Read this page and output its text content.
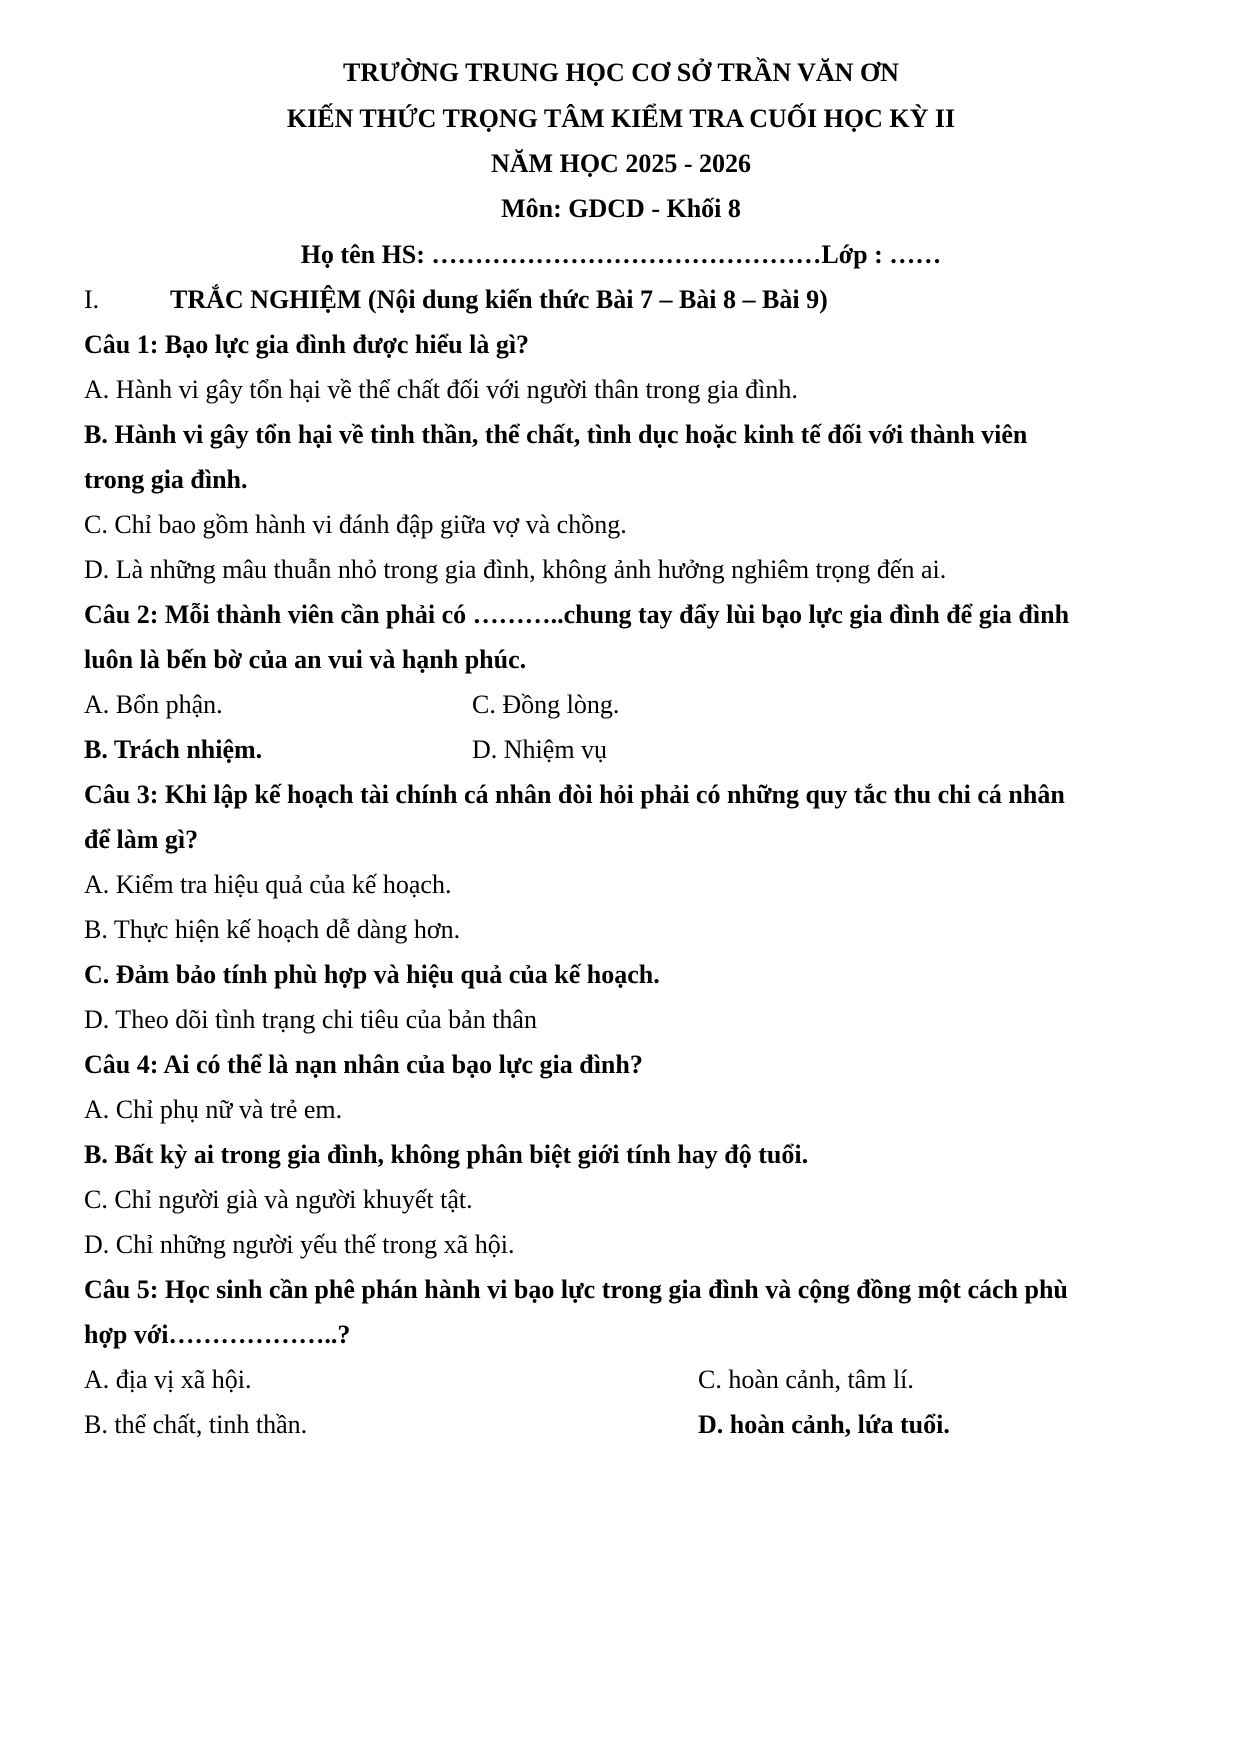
TRƯỜNG TRUNG HỌC CƠ SỞ TRẦN VĂN ƠN
KIẾN THỨC TRỌNG TÂM KIỂM TRA CUỐI HỌC KỲ II
NĂM HỌC 2025 - 2026
Môn: GDCD - Khối 8
Họ tên HS: ………………………………………Lớp : ……
I.	TRẮC NGHIỆM (Nội dung kiến thức Bài 7 – Bài 8 – Bài 9)
Câu 1: Bạo lực gia đình được hiểu là gì?
A. Hành vi gây tổn hại về thể chất đối với người thân trong gia đình.
B. Hành vi gây tổn hại về tinh thần, thể chất, tình dục hoặc kinh tế đối với thành viên
trong gia đình.
C. Chỉ bao gồm hành vi đánh đập giữa vợ và chồng.
D. Là những mâu thuẫn nhỏ trong gia đình, không ảnh hưởng nghiêm trọng đến ai.
Câu 2: Mỗi thành viên cần phải có ………..chung tay đẩy lùi bạo lực gia đình để gia đình
luôn là bến bờ của an vui và hạnh phúc.
A. Bổn phận.	C. Đồng lòng.
B. Trách nhiệm.	D. Nhiệm vụ
Câu 3: Khi lập kế hoạch tài chính cá nhân đòi hỏi phải có những quy tắc thu chi cá nhân
để làm gì?
A. Kiểm tra hiệu quả của kế hoạch.
B. Thực hiện kế hoạch dễ dàng hơn.
C. Đảm bảo tính phù hợp và hiệu quả của kế hoạch.
D. Theo dõi tình trạng chi tiêu của bản thân
Câu 4: Ai có thể là nạn nhân của bạo lực gia đình?
A. Chỉ phụ nữ và trẻ em.
B. Bất kỳ ai trong gia đình, không phân biệt giới tính hay độ tuổi.
C. Chỉ người già và người khuyết tật.
D. Chỉ những người yếu thế trong xã hội.
Câu 5: Học sinh cần phê phán hành vi bạo lực trong gia đình và cộng đồng một cách phù
hợp với………………..?
A. địa vị xã hội.	C. hoàn cảnh, tâm lí.
B. thể chất, tinh thần.	D. hoàn cảnh, lứa tuổi.
